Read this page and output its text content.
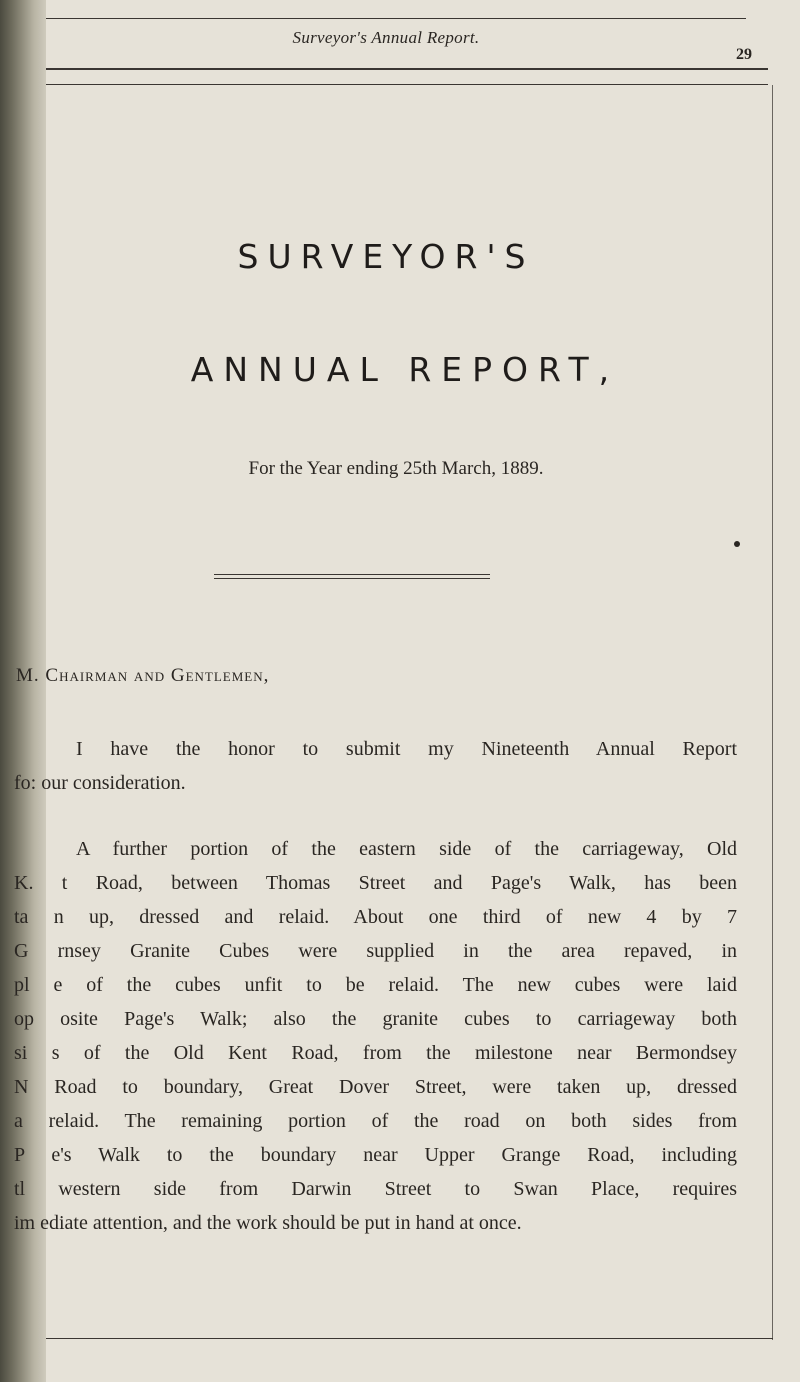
Surveyor's Annual Report.
29
SURVEYOR'S
ANNUAL REPORT,
For the Year ending 25th March, 1889.
M. Chairman and Gentlemen,
I have the honor to submit my Nineteenth Annual Report
fo: our consideration.
A further portion of the eastern side of the carriageway, Old
K. t Road, between Thomas Street and Page's Walk, has been
ta n up, dressed and relaid. About one third of new 4 by 7
G rnsey Granite Cubes were supplied in the area repaved, in
pl e of the cubes unfit to be relaid. The new cubes were laid
op osite Page's Walk; also the granite cubes to carriageway both
si s of the Old Kent Road, from the milestone near Bermondsey
N Road to boundary, Great Dover Street, were taken up, dressed
a relaid. The remaining portion of the road on both sides from
P e's Walk to the boundary near Upper Grange Road, including
tl western side from Darwin Street to Swan Place, requires
im ediate attention, and the work should be put in hand at once.
